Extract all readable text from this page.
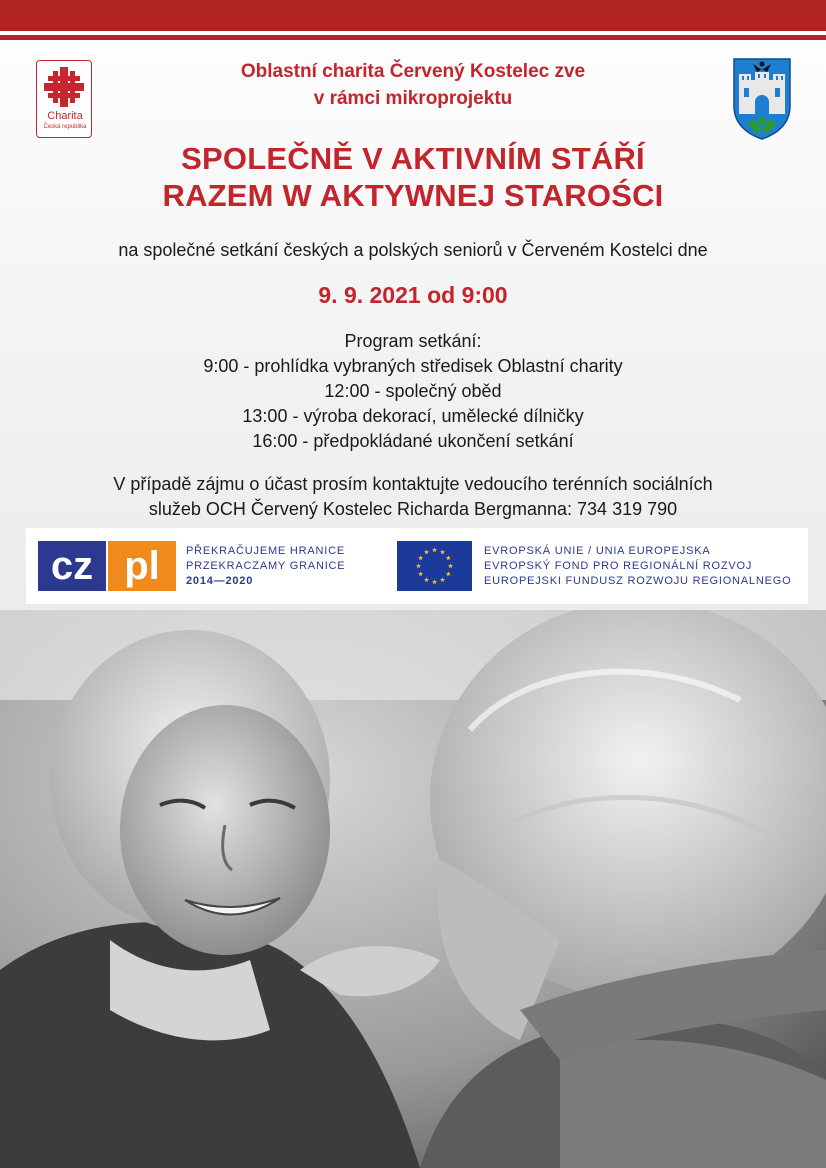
Charita
Česká republika
Oblastní charita Červený Kostelec zve
v rámci mikroprojektu
SPOLEČNĚ V AKTIVNÍM STÁŘÍ
RAZEM W AKTYWNEJ STAROŚCI
na společné setkání českých a polských seniorů v Červeném Kostelci dne
9. 9. 2021 od 9:00
Program setkání:
9:00 - prohlídka vybraných středisek Oblastní charity
12:00 - společný oběd
13:00 - výroba dekorací, umělecké dílničky
16:00 - předpokládané ukončení setkání
V případě zájmu o účast prosím kontaktujte vedoucího terénních sociálních
služeb OCH Červený Kostelec Richarda Bergmanna: 734 319 790
cz pl	PŘEKRAČUJEME HRANICE
PRZEKRACZAMY GRANICE
2014—2020
EVROPSKÁ UNIE / UNIA EUROPEJSKA
EVROPSKÝ FOND PRO REGIONÁLNÍ ROZVOJ
EUROPEJSKI FUNDUSZ ROZWOJU REGIONALNEGO
